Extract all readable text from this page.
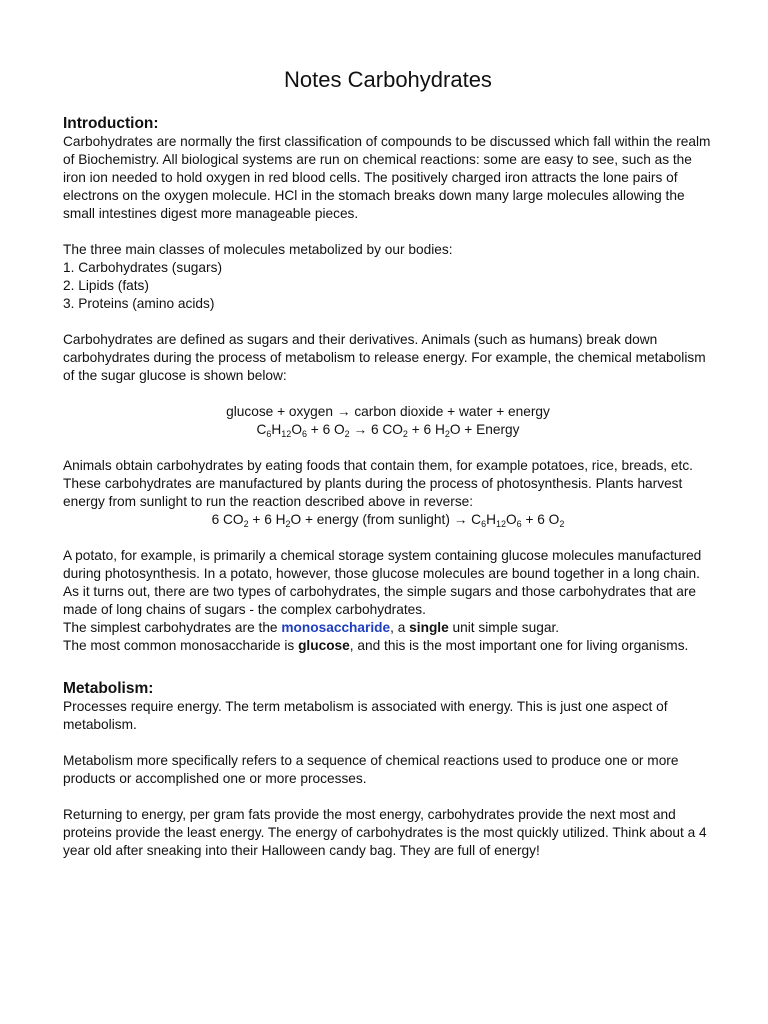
Notes Carbohydrates
Introduction:

Carbohydrates are normally the first classification of compounds to be discussed which fall within the realm of Biochemistry. All biological systems are run on chemical reactions: some are easy to see, such as the iron ion needed to hold oxygen in red blood cells. The positively charged iron attracts the lone pairs of electrons on the oxygen molecule. HCl in the stomach breaks down many large molecules allowing the small intestines digest more manageable pieces.

The three main classes of molecules metabolized by our bodies:

1. Carbohydrates (sugars)
2. Lipids (fats)
3. Proteins (amino acids)

Carbohydrates are defined as sugars and their derivatives. Animals (such as humans) break down carbohydrates during the process of metabolism to release energy. For example, the chemical metabolism of the sugar glucose is shown below:

glucose + oxygen → carbon dioxide + water + energy

$C_6H_{12}O_6 + 6$ $O_2 \to 6$ $CO_2 + 6$ $H_2O$ + Energy

Animals obtain carbohydrates by eating foods that contain them, for example potatoes, rice, breads, etc. These carbohydrates are manufactured by plants during the process of photosynthesis. Plants harvest energy from sunlight to run the reaction described above in reverse:

6 $CO_2 + 6$ $H_2O$ + energy (from sunlight) → $C_6H_{12}O_6 + 6$ $O_2$

A potato, for example, is primarily a chemical storage system containing glucose molecules manufactured during photosynthesis. In a potato, however, those glucose molecules are bound together in a long chain. As it turns out, there are two types of carbohydrates, the simple sugars and those carbohydrates that are made of long chains of sugars - the complex carbohydrates.

The simplest carbohydrates are the monosaccharide, a single unit simple sugar.

The most common monosaccharide is glucose, and this is the most important one for living organisms.

Metabolism:

Processes require energy. The term metabolism is associated with energy. This is just one aspect of metabolism.

Metabolism more specifically refers to a sequence of chemical reactions used to produce one or more products or accomplished one or more processes.

Returning to energy, per gram fats provide the most energy, carbohydrates provide the next most and proteins provide the least energy. The energy of carbohydrates is the most quickly utilized. Think about a 4 year old after sneaking into their Halloween candy bag. They are full of energy!
